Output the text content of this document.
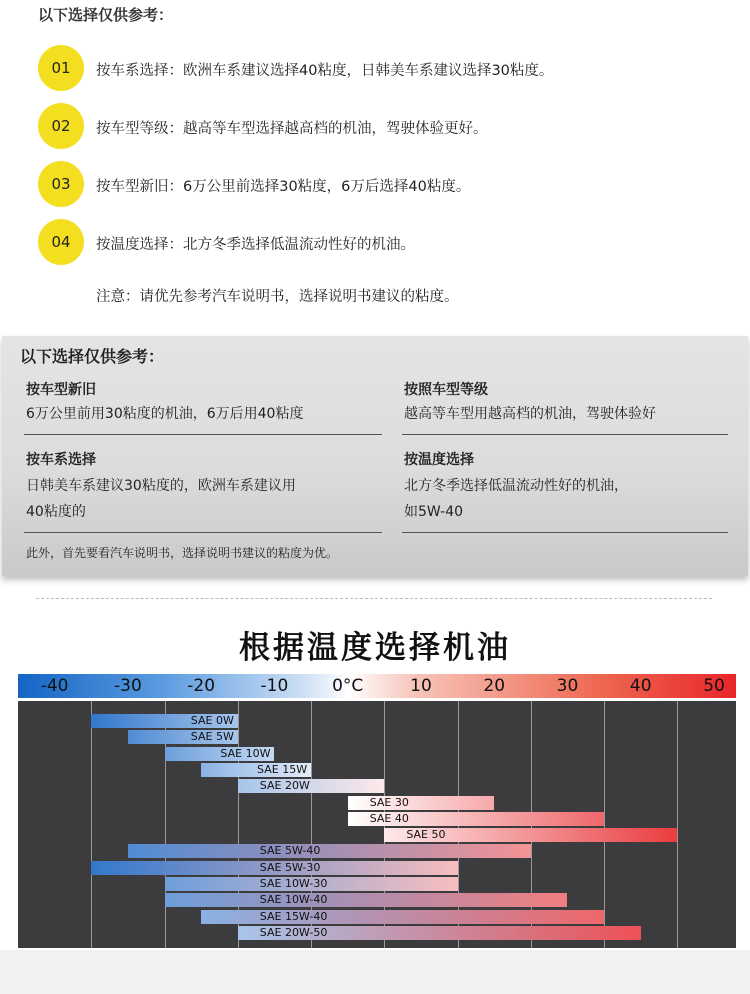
以下选择仅供参考：
01	按车系选择：欧洲车系建议选择40粘度，日韩美车系建议选择30粘度。
02	按车型等级：越高等车型选择越高档的机油，驾驶体验更好。
03	按车型新旧：6万公里前选择30粘度，6万后选择40粘度。
04	按温度选择：北方冬季选择低温流动性好的机油。
注意：请优先参考汽车说明书，选择说明书建议的粘度。
以下选择仅供参考：
按车型新旧
6万公里前用30粘度的机油，6万后用40粘度
按照车型等级
越高等车型用越高档的机油，驾驶体验好
按车系选择
日韩美车系建议30粘度的，欧洲车系建议用
40粘度的
按温度选择
北方冬季选择低温流动性好的机油，
如5W-40
此外，首先要看汽车说明书，选择说明书建议的粘度为优。
根据温度选择机油
-40	-30	-20	-10	0°C	10	20	30	40	50
SAE 0W
SAE 5W
SAE 10W
SAE 15W
SAE 20W
SAE 30
SAE 40
SAE 50
SAE 5W-40
SAE 5W-30
SAE 10W-30
SAE 10W-40
SAE 15W-40
SAE 20W-50
